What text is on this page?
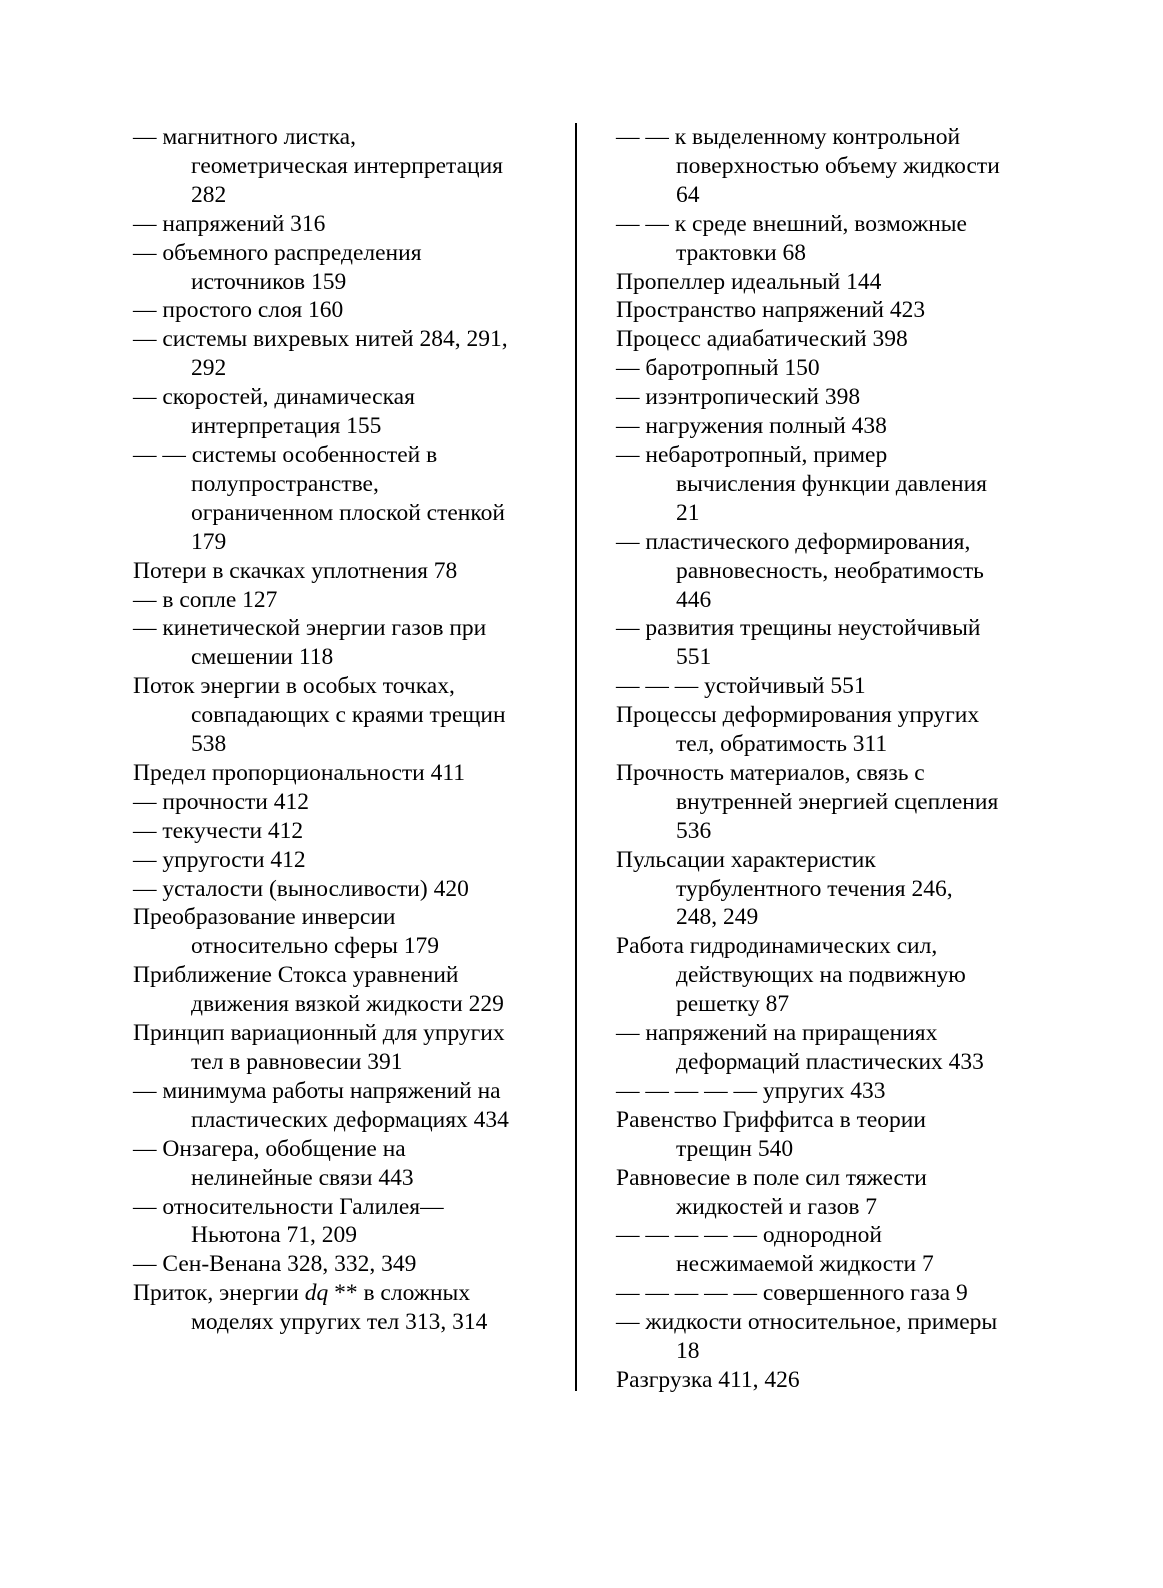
— магнитного листка,
геометрическая интерпретация
282
— напряжений 316
— объемного распределения
источников 159
— простого слоя 160
— системы вихревых нитей 284, 291,
292
— скоростей, динамическая
интерпретация 155
— — системы особенностей в
полупространстве,
ограниченном плоской стенкой
179
Потери в скачках уплотнения 78
— в сопле 127
— кинетической энергии газов при
смешении 118
Поток энергии в особых точках,
совпадающих с краями трещин
538
Предел пропорциональности 411
— прочности 412
— текучести 412
— упругости 412
— усталости (выносливости) 420
Преобразование инверсии
относительно сферы 179
Приближение Стокса уравнений
движения вязкой жидкости 229
Принцип вариационный для упругих
тел в равновесии 391
— минимума работы напряжений на
пластических деформациях 434
— Онзагера, обобщение на
нелинейные связи 443
— относительности Галилея—
Ньютона 71, 209
— Сен-Венана 328, 332, 349
Приток, энергии dq ** в сложных
моделях упругих тел 313, 314
— — к выделенному контрольной
поверхностью объему жидкости
64
— — к среде внешний, возможные
трактовки 68
Пропеллер идеальный 144
Пространство напряжений 423
Процесс адиабатический 398
— баротропный 150
— изэнтропический 398
— нагружения полный 438
— небаротропный, пример
вычисления функции давления
21
— пластического деформирования,
равновесность, необратимость
446
— развития трещины неустойчивый
551
— — — устойчивый 551
Процессы деформирования упругих
тел, обратимость 311
Прочность материалов, связь с
внутренней энергией сцепления
536
Пульсации характеристик
турбулентного течения 246,
248, 249
Работа гидродинамических сил,
действующих на подвижную
решетку 87
— напряжений на приращениях
деформаций пластических 433
— — — — — упругих 433
Равенство Гриффитса в теории
трещин 540
Равновесие в поле сил тяжести
жидкостей и газов 7
— — — — — однородной
несжимаемой жидкости 7
— — — — — совершенного газа 9
— жидкости относительное, примеры
18
Разгрузка 411, 426
